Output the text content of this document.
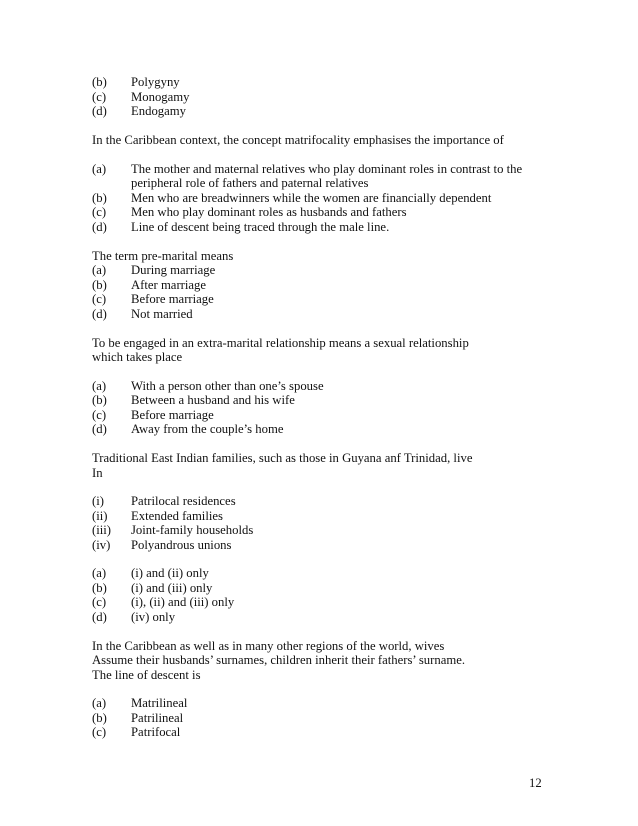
(b) Polygyny
(c) Monogamy
(d) Endogamy
In the Caribbean context, the concept matrifocality emphasises the importance of
(a) The mother and maternal relatives who play dominant roles in contrast to the
peripheral role of fathers and paternal relatives
(b) Men who are breadwinners while the women are financially dependent
(c) Men who play dominant roles as husbands and fathers
(d) Line of descent being traced through the male line.
The term pre-marital means
(a) During marriage
(b) After marriage
(c) Before marriage
(d) Not married
To be engaged in an extra-marital relationship means a sexual relationship
which takes place
(a) With a person other than one’s spouse
(b) Between a husband and his wife
(c) Before marriage
(d) Away from the couple’s home
Traditional East Indian families, such as those in Guyana anf Trinidad, live
In
(i) Patrilocal residences
(ii) Extended families
(iii) Joint-family households
(iv) Polyandrous unions
(a) (i) and (ii) only
(b) (i) and (iii) only
(c) (i), (ii) and (iii) only
(d) (iv) only
In the Caribbean as well as in many other regions of the world, wives
Assume their husbands’ surnames, children inherit their fathers’ surname.
The line of descent is
(a) Matrilineal
(b) Patrilineal
(c) Patrifocal
12
